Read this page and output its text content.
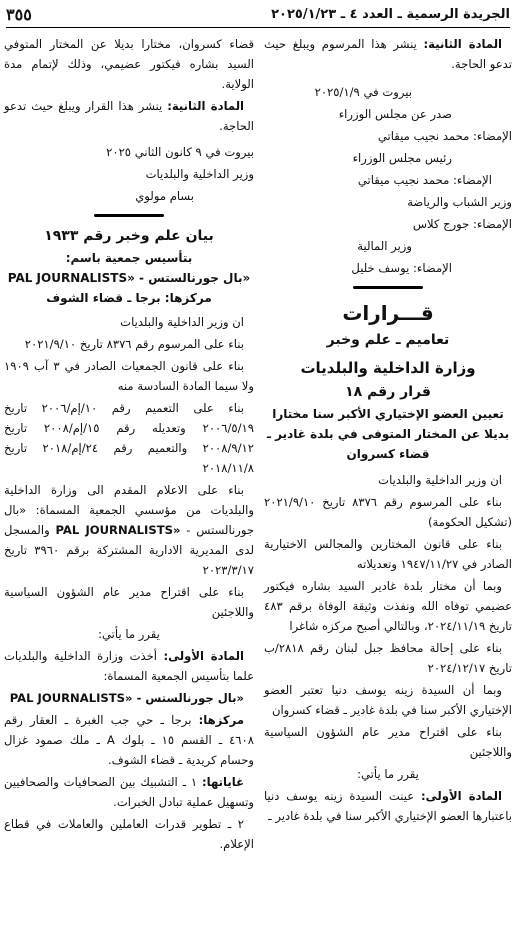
٣٥٥	الجريدة الرسمية ـ العدد ٤ ـ ٢٠٢٥/١/٢٣

المادة الثانية: ينشر هذا المرسوم ويبلغ حيث تدعو الحاجة.

بيروت في ٢٠٢٥/١/٩

صدر عن مجلس الوزراء

الإمضاء: محمد نجيب ميقاتي

رئيس مجلس الوزراء

الإمضاء: محمد نجيب ميقاتي

وزير الشباب والرياضة

الإمضاء: جورج كلاس

وزير المالية

الإمضاء: يوسف خليل

قـــرارات

تعاميم ـ علم وخبر

وزارة الداخلية والبلديات

قرار رقم ١٨

تعيين العضو الإختياري الأكبر سنا مختارا بديلا عن المختار المتوفى في بلدة غادير ـ قضاء كسروان

ان وزير الداخلية والبلديات

بناء على المرسوم رقم ٨٣٧٦ تاريخ ٢٠٢١/٩/١٠ (تشكيل الحكومة)

بناء على قانون المختارين والمجالس الاختيارية الصادر في ١٩٤٧/١١/٢٧ وتعديلاته

وبما أن مختار بلدة غادير السيد بشاره فيكتور عضيمي توفاه الله ونفذت وثيقة الوفاة برقم ٤٨٣ تاريخ ٢٠٢٤/١١/١٩، وبالتالي أصبح مركزه شاغرا

بناء على إحالة محافظ جبل لبنان رقم ٢٨١٨/ب تاريخ ٢٠٢٤/١٢/١٧

وبما أن السيدة زينه يوسف دنيا تعتبر العضو الإختياري الأكبر سنا في بلدة غادير ـ قضاء كسروان

بناء على اقتراح مدير عام الشؤون السياسية واللاجئين

يقرر ما يأتي:

المادة الأولى: عينت السيدة زينه يوسف دنيا باعتبارها العضو الإختياري الأكبر سنا في بلدة غادير ـ

قضاء كسروان، مختارا بديلا عن المختار المتوفي السيد بشاره فيكتور عضيمي، وذلك لإتمام مدة الولاية.

المادة الثانية: ينشر هذا القرار ويبلغ حيث تدعو الحاجة.

بيروت في ٩ كانون الثاني ٢٠٢٥

وزير الداخلية والبلديات

بسام مولوي

بيان علم وخبر رقم ١٩٣٣

بتأسيس جمعية باسم:

«بال جورنالستس - PAL JOURNALISTS»

مركزها: برجا ـ قضاء الشوف

ان وزير الداخلية والبلديات

بناء على المرسوم رقم ٨٣٧٦ تاريخ ٢٠٢١/٩/١٠

بناء على قانون الجمعيات الصادر في ٣ آب ١٩٠٩ ولا سيما المادة السادسة منه

بناء على التعميم رقم ١٠/إم/٢٠٠٦ تاريخ ٢٠٠٦/٥/١٩ وتعديله رقم ١٥/إم/٢٠٠٨ تاريخ ٢٠٠٨/٩/١٢ والتعميم رقم ٢٤/إم/٢٠١٨ تاريخ ٢٠١٨/١١/٨

بناء على الاعلام المقدم الى وزارة الداخلية والبلديات من مؤسسي الجمعية المسماة: «بال جورنالستس - PAL JOURNALISTS» والمسجل لدى المديرية الادارية المشتركة برقم ٣٩٦٠ تاريخ ٢٠٢٣/٣/١٧

بناء على اقتراح مدير عام الشؤون السياسية واللاجئين

يقرر ما يأتي:

المادة الأولى: أخذت وزارة الداخلية والبلديات علما بتأسيس الجمعية المسماة:

«بال جورنالستس - PAL JOURNALISTS»

مركزها: برجا ـ حي جب الغبرة ـ العقار رقم ٤٦٠٨ ـ القسم ١٥ ـ بلوك A ـ ملك صمود غزال وحسام كريدية ـ قضاء الشوف.

غاياتها: ١ ـ التشبيك بين الصحافيات والصحافيين وتسهيل عملية تبادل الخبرات.

٢ ـ تطوير قدرات العاملين والعاملات في قطاع الإعلام.
